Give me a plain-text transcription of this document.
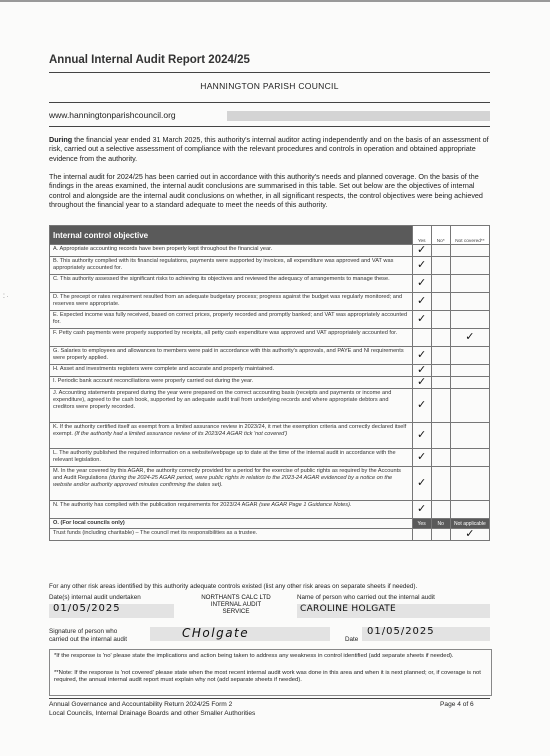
⁚ ·
Annual Internal Audit Report 2024/25
HANNINGTON PARISH COUNCIL
www.hanningtonparishcouncil.org
During the financial year ended 31 March 2025, this authority's internal auditor acting independently and on the basis of an assessment of risk, carried out a selective assessment of compliance with the relevant procedures and controls in operation and obtained appropriate evidence from the authority.
The internal audit for 2024/25 has been carried out in accordance with this authority's needs and planned coverage. On the basis of the findings in the areas examined, the internal audit conclusions are summarised in this table. Set out below are the objectives of internal control and alongside are the internal audit conclusions on whether, in all significant respects, the control objectives were being achieved throughout the financial year to a standard adequate to meet the needs of this authority.
Internal control objective	Yes	No*	Not covered**
A. Appropriate accounting records have been properly kept throughout the financial year.	✓		
B. This authority complied with its financial regulations, payments were supported by invoices, all expenditure was approved and VAT was appropriately accounted for.	✓		
C. This authority assessed the significant risks to achieving its objectives and reviewed the adequacy of arrangements to manage these.	✓		
D. The precept or rates requirement resulted from an adequate budgetary process; progress against the budget was regularly monitored; and reserves were appropriate.	✓		
E. Expected income was fully received, based on correct prices, properly recorded and promptly banked; and VAT was appropriately accounted for.	✓		
F. Petty cash payments were properly supported by receipts, all petty cash expenditure was approved and VAT appropriately accounted for.			✓
G. Salaries to employees and allowances to members were paid in accordance with this authority's approvals, and PAYE and NI requirements were properly applied.	✓		
H. Asset and investments registers were complete and accurate and properly maintained.	✓		
I. Periodic bank account reconciliations were properly carried out during the year.	✓		
J. Accounting statements prepared during the year were prepared on the correct accounting basis (receipts and payments or income and expenditure), agreed to the cash book, supported by an adequate audit trail from underlying records and where appropriate debtors and creditors were properly recorded.	✓		
K. If the authority certified itself as exempt from a limited assurance review in 2023/24, it met the exemption criteria and correctly declared itself exempt. (If the authority had a limited assurance review of its 2023/24 AGAR tick 'not covered')	✓		
L. The authority published the required information on a website/webpage up to date at the time of the internal audit in accordance with the relevant legislation.	✓		
M. In the year covered by this AGAR, the authority correctly provided for a period for the exercise of public rights as required by the Accounts and Audit Regulations (during the 2024-25 AGAR period, were public rights in relation to the 2023-24 AGAR evidenced by a notice on the website and/or authority approved minutes confirming the dates set).	✓		
N. The authority has complied with the publication requirements for 2023/24 AGAR (see AGAR Page 1 Guidance Notes).	✓		
O. (For local councils only)	Yes	No	Not applicable
Trust funds (including charitable) – The council met its responsibilities as a trustee.			✓
For any other risk areas identified by this authority adequate controls existed (list any other risk areas on separate sheets if needed).
Date(s) internal audit undertaken
01/05/2025
NORTHANTS CALC LTD
INTERNAL AUDIT
SERVICE
Name of person who carried out the internal audit
CAROLINE HOLGATE
Signature of person who
carried out the internal audit	CHolgate	Date
01/05/2025
*If the response is 'no' please state the implications and action being taken to address any weakness in control identified (add separate sheets if needed).
**Note: If the response is 'not covered' please state when the most recent internal audit work was done in this area and when it is next planned; or, if coverage is not required, the annual internal audit report must explain why not (add separate sheets if needed).
Annual Governance and Accountability Return 2024/25 Form 2
Local Councils, Internal Drainage Boards and other Smaller Authorities
Page 4 of 6
